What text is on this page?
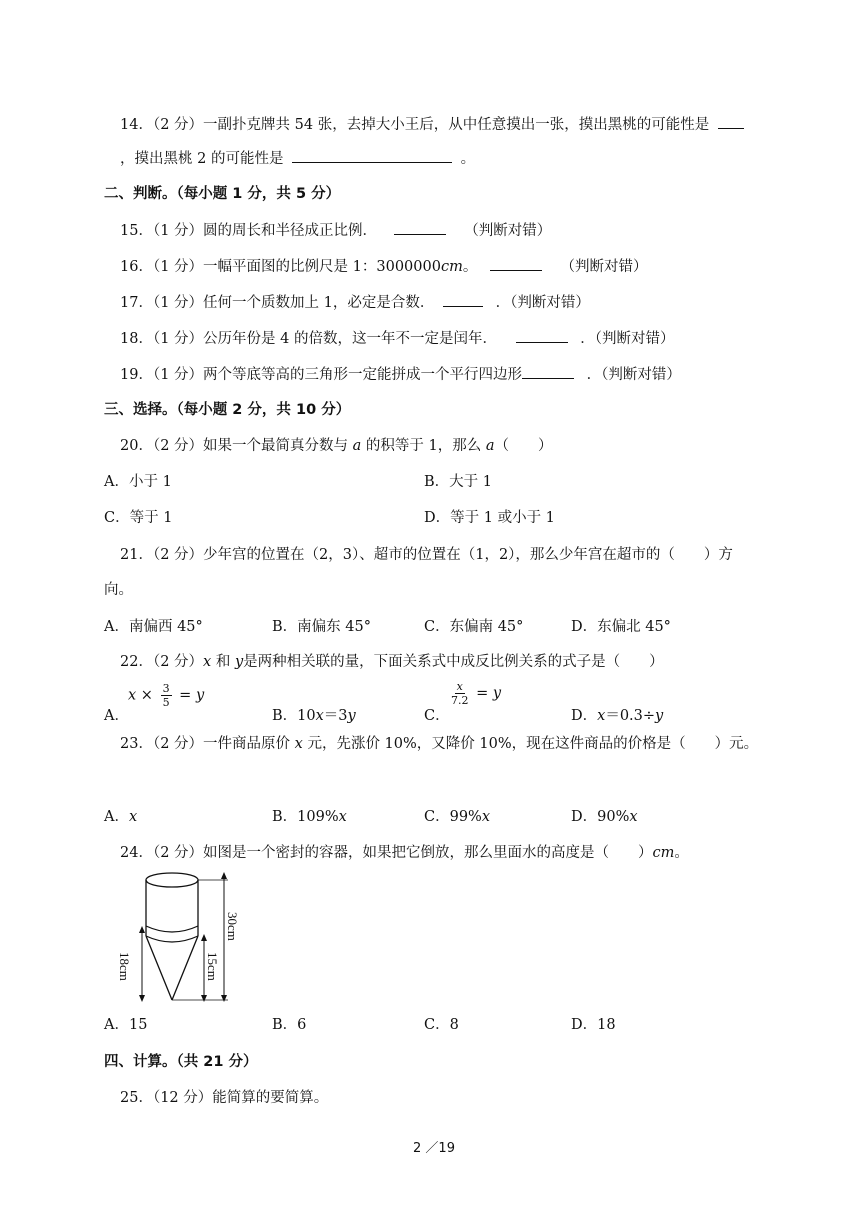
14．（2 分）一副扑克牌共 54 张，去掉大小王后，从中任意摸出一张，摸出黑桃的可能性是
，摸出黑桃 2 的可能性是	。
二、判断。（每小题 1 分，共 5 分）
15．（1 分）圆的周长和半径成正比例．	（判断对错）
16．（1 分）一幅平面图的比例尺是 1：3000000cm。	（判断对错）
17．（1 分）任何一个质数加上 1，必定是合数．	．（判断对错）
18．（1 分）公历年份是 4 的倍数，这一年不一定是闰年．	．（判断对错）
19．（1 分）两个等底等高的三角形一定能拼成一个平行四边形	．（判断对错）
三、选择。（每小题 2 分，共 10 分）
20．（2 分）如果一个最简真分数与 a 的积等于 1，那么 a（　　）
A．小于 1	B．大于 1
C．等于 1	D．等于 1 或小于 1
21．（2 分）少年宫的位置在（2，3）、超市的位置在（1，2），那么少年宫在超市的（　　）方
向。
A．南偏西 45°	B．南偏东 45°	C．东偏南 45°	D．东偏北 45°
22．（2 分）x 和 y是两种相关联的量，下面关系式中成反比例关系的式子是（　　）
A．
$x \times \frac{3}{5} = y$
B．10x＝3y	C．
$\frac{x}{7.2} = y$
D．x＝0.3÷y
23．（2 分）一件商品原价 x 元，先涨价 10%，又降价 10%，现在这件商品的价格是（　　）元。
A．x	B．109%x	C．99%x	D．90%x
24．（2 分）如图是一个密封的容器，如果把它倒放，那么里面水的高度是（　　）cm。
30cm
18cm	15cm
A．15	B．6	C．8	D．18
四、计算。（共 21 分）
25．（12 分）能简算的要简算。
2 ／19
